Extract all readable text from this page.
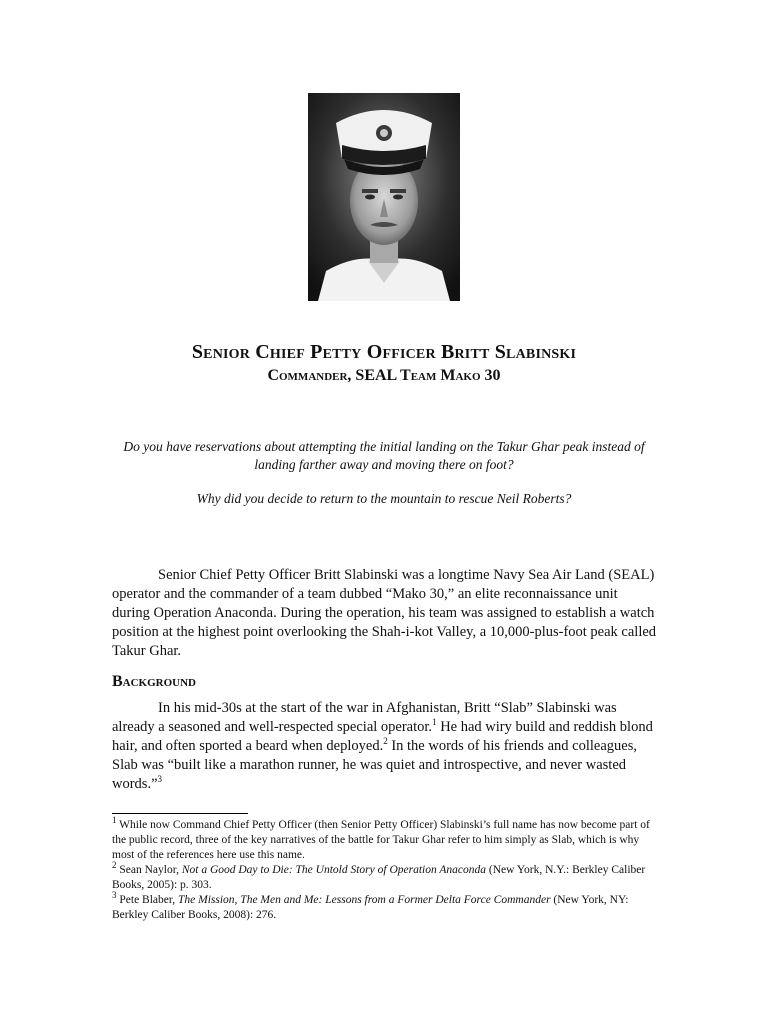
Senior Chief Petty Officer Britt Slabinski
Commander, SEAL Team Mako 30

Do you have reservations about attempting the initial landing on the Takur Ghar peak instead of landing farther away and moving there on foot?

Why did you decide to return to the mountain to rescue Neil Roberts?

Senior Chief Petty Officer Britt Slabinski was a longtime Navy Sea Air Land (SEAL) operator and the commander of a team dubbed “Mako 30,” an elite reconnaissance unit during Operation Anaconda. During the operation, his team was assigned to establish a watch position at the highest point overlooking the Shah-i-kot Valley, a 10,000-plus-foot peak called Takur Ghar.

Background

In his mid-30s at the start of the war in Afghanistan, Britt “Slab” Slabinski was already a seasoned and well-respected special operator.$^1$ He had wiry build and reddish blond hair, and often sported a beard when deployed.$^2$ In the words of his friends and colleagues, Slab was “built like a marathon runner, he was quiet and introspective, and never wasted words.”$^3$

$^1$ While now Command Chief Petty Officer (then Senior Petty Officer) Slabinski’s full name has now become part of the public record, three of the key narratives of the battle for Takur Ghar refer to him simply as Slab, which is why most of the references here use this name.

$^2$ Sean Naylor, Not a Good Day to Die: The Untold Story of Operation Anaconda (New York, N.Y.: Berkley Caliber Books, 2005): p. 303.

$^3$ Pete Blaber, The Mission, The Men and Me: Lessons from a Former Delta Force Commander (New York, NY: Berkley Caliber Books, 2008): 276.
